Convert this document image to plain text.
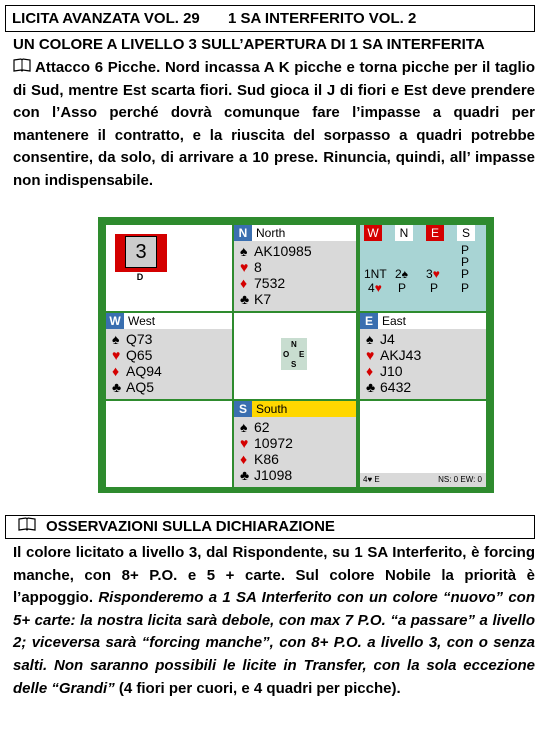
LICITA AVANZATA VOL. 29 1 SA INTERFERITO VOL. 2
UN COLORE A LIVELLO 3 SULL’APERTURA DI 1 SA INTERFERITA
Attacco 6 Picche. Nord incassa A K picche e torna picche per il taglio di Sud, mentre Est scarta fiori. Sud gioca il J di fiori e Est deve prendere con l’Asso perché dovrà comunque fare l’impasse a quadri per mantenere il contratto, e la riuscita del sorpasso a quadri potrebbe consentire, da solo, di arrivare a 10 prese. Rinuncia, quindi, all’ impasse non indispensabile.
3
D
N North
♠ AK10985
♥ 8
♦ 7532
♣ K7
W	N	E	S
P
P
1NT 2♠ 3♥ P
4♥ P P P
W West
♠ Q73
♥ Q65
♦ AQ94
♣ AQ5
N
O E
S
E East
♠ J4
♥ AKJ43
♦ J10
♣ 6432
S South
♠ 62
♥ 10972
♦ K86
♣ J1098	4♥ E	NS: 0 EW: 0
OSSERVAZIONI SULLA DICHIARAZIONE
Il colore licitato a livello 3, dal Rispondente, su 1 SA Interferito, è forcing manche, con 8+ P.O. e 5 + carte. Sul colore Nobile la priorità è l’appoggio. Risponderemo a 1 SA Interferito con un colore “nuovo” con 5+ carte: la nostra licita sarà debole, con max 7 P.O. “a passare” a livello 2; viceversa sarà “forcing manche”, con 8+ P.O. a livello 3, con o senza salti. Non saranno possibili le licite in Transfer, con la sola eccezione delle “Grandi” (4 fiori per cuori, e 4 quadri per picche).
